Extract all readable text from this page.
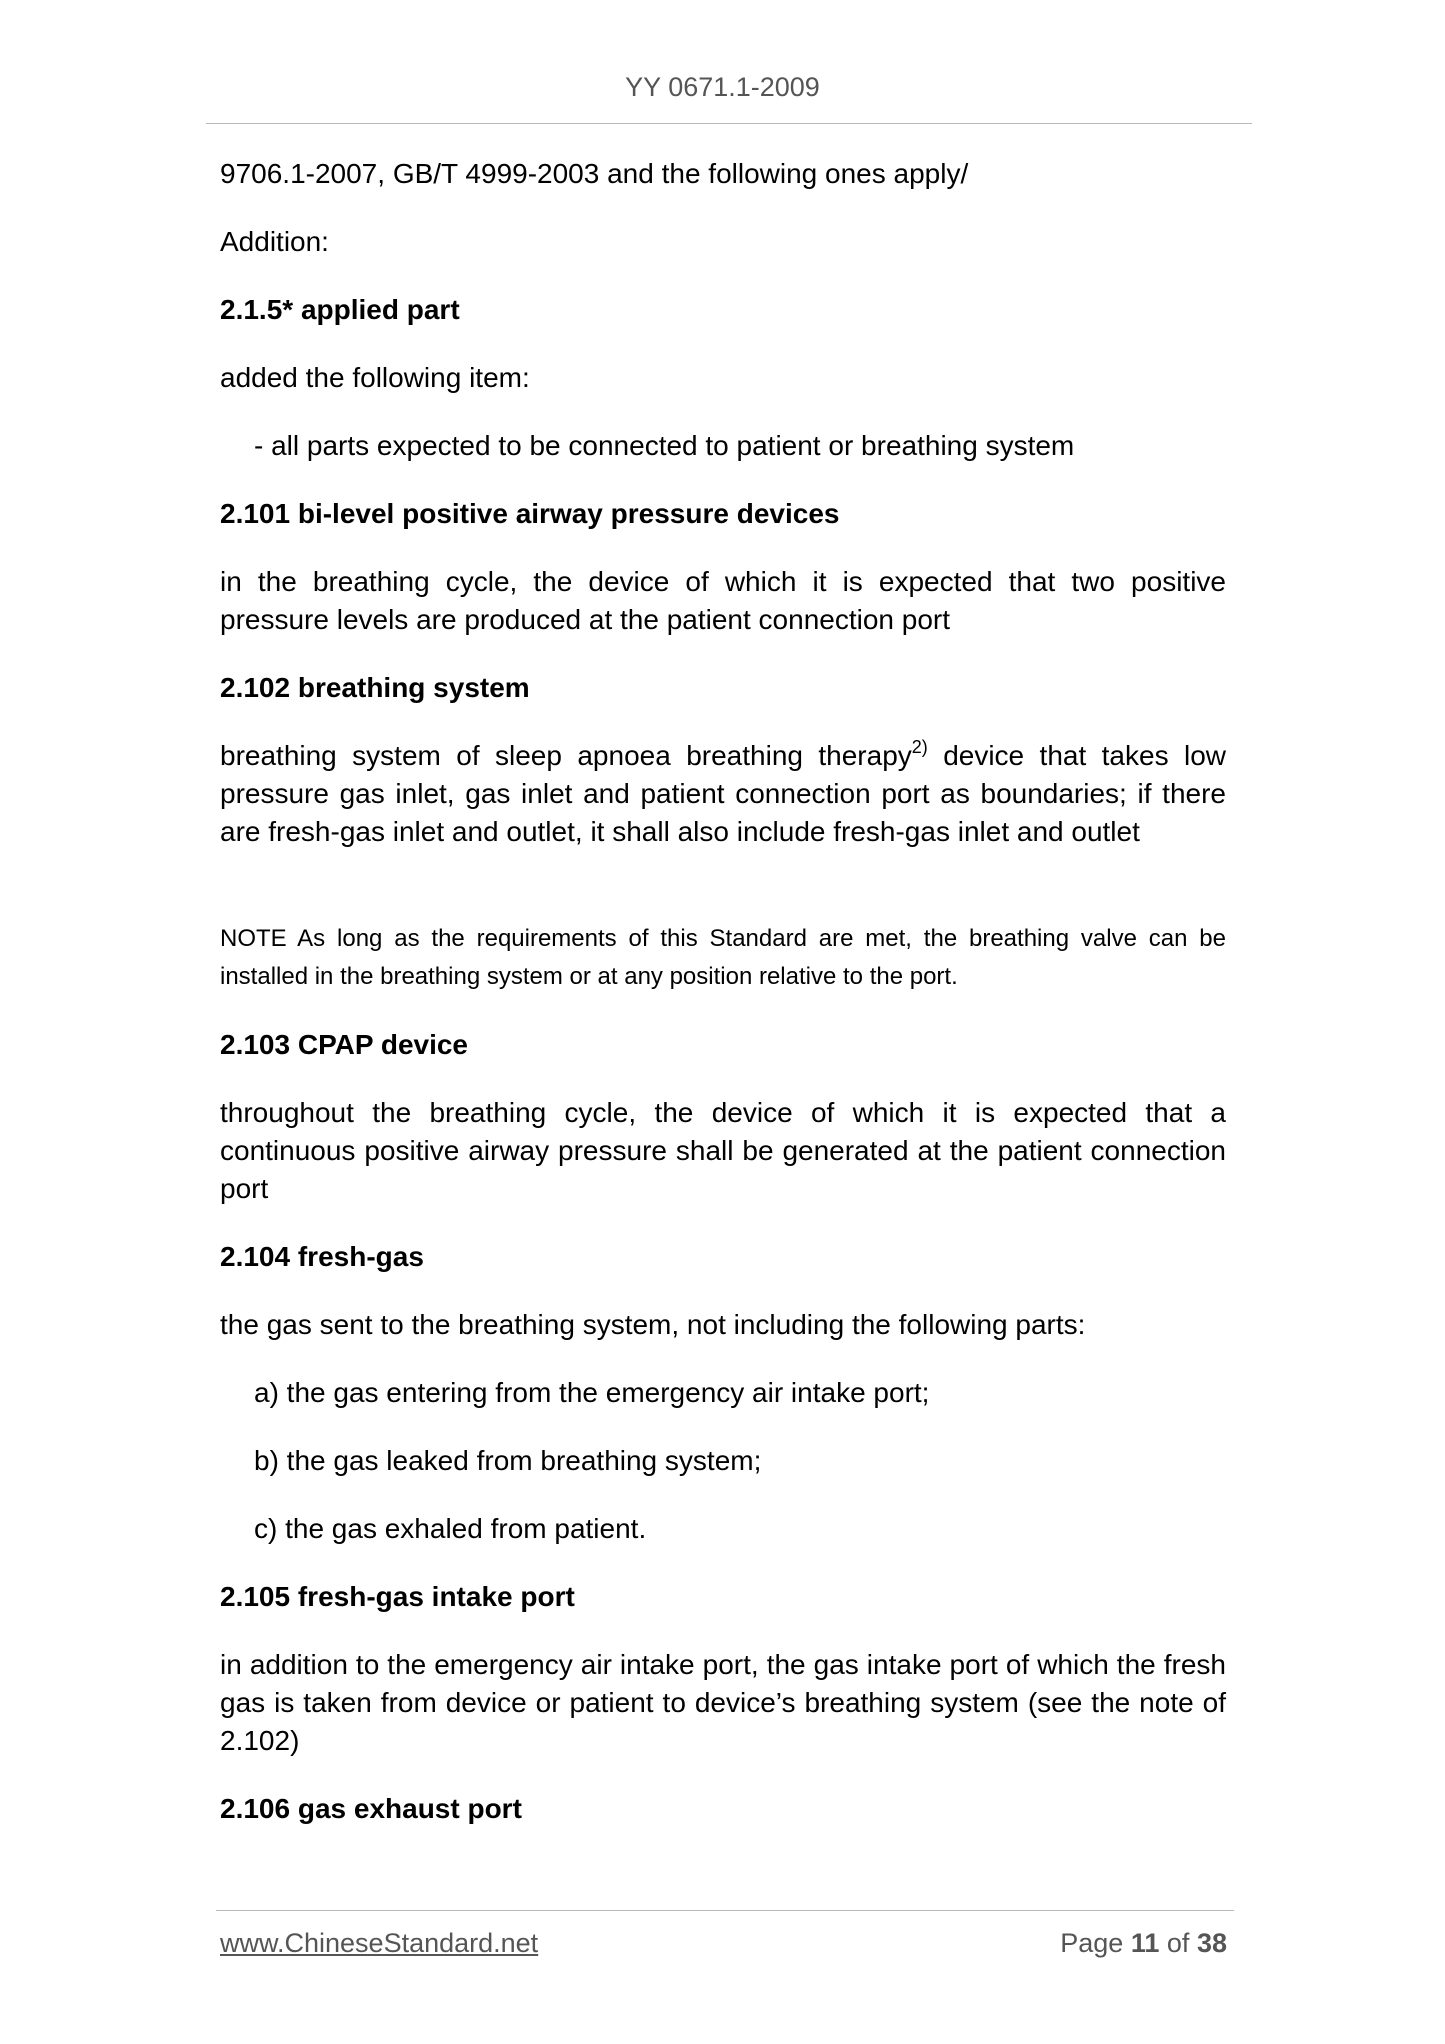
YY 0671.1-2009
9706.1-2007, GB/T 4999-2003 and the following ones apply/
Addition:
2.1.5* applied part
added the following item:
- all parts expected to be connected to patient or breathing system
2.101 bi-level positive airway pressure devices
in the breathing cycle, the device of which it is expected that two positive pressure levels are produced at the patient connection port
2.102 breathing system
breathing system of sleep apnoea breathing therapy$^{2)}$ device that takes low pressure gas inlet, gas inlet and patient connection port as boundaries; if there are fresh-gas inlet and outlet, it shall also include fresh-gas inlet and outlet
NOTE As long as the requirements of this Standard are met, the breathing valve can be installed in the breathing system or at any position relative to the port.
2.103 CPAP device
throughout the breathing cycle, the device of which it is expected that a continuous positive airway pressure shall be generated at the patient connection port
2.104 fresh-gas
the gas sent to the breathing system, not including the following parts:
a) the gas entering from the emergency air intake port;
b) the gas leaked from breathing system;
c) the gas exhaled from patient.
2.105 fresh-gas intake port
in addition to the emergency air intake port, the gas intake port of which the fresh gas is taken from device or patient to device’s breathing system (see the note of 2.102)
2.106 gas exhaust port
www.ChineseStandard.net	Page 11 of 38
